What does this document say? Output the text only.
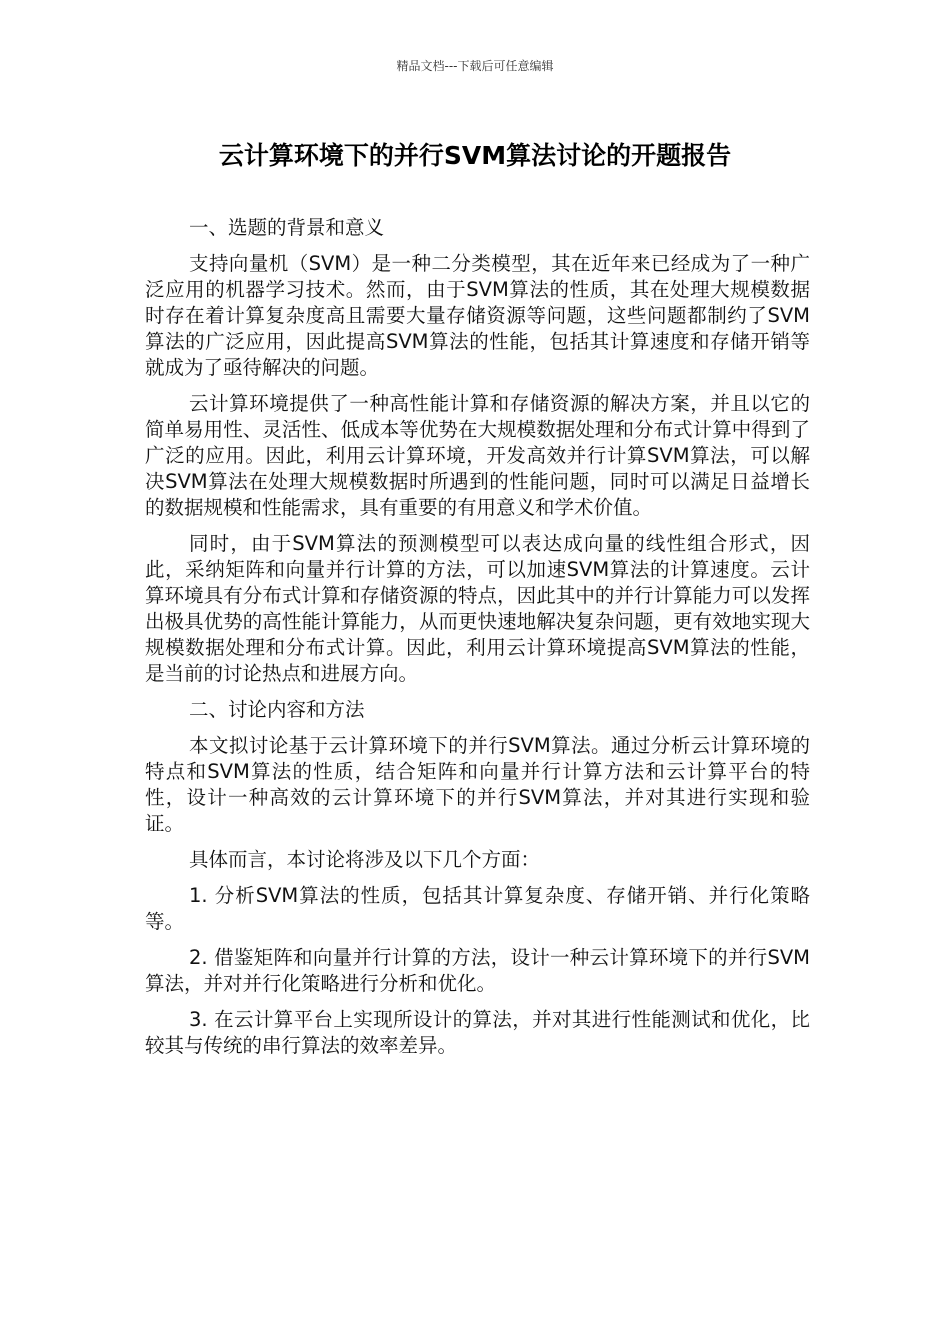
精品文档---下载后可任意编辑
云计算环境下的并行SVM算法讨论的开题报告

一、选题的背景和意义

支持向量机（SVM）是一种二分类模型，其在近年来已经成为了一种广泛应用的机器学习技术。然而，由于SVM算法的性质，其在处理大规模数据时存在着计算复杂度高且需要大量存储资源等问题，这些问题都制约了SVM算法的广泛应用，因此提高SVM算法的性能，包括其计算速度和存储开销等就成为了亟待解决的问题。

云计算环境提供了一种高性能计算和存储资源的解决方案，并且以它的简单易用性、灵活性、低成本等优势在大规模数据处理和分布式计算中得到了广泛的应用。因此，利用云计算环境，开发高效并行计算SVM算法，可以解决SVM算法在处理大规模数据时所遇到的性能问题，同时可以满足日益增长的数据规模和性能需求，具有重要的有用意义和学术价值。

同时，由于SVM算法的预测模型可以表达成向量的线性组合形式，因此，采纳矩阵和向量并行计算的方法，可以加速SVM算法的计算速度。云计算环境具有分布式计算和存储资源的特点，因此其中的并行计算能力可以发挥出极具优势的高性能计算能力，从而更快速地解决复杂问题，更有效地实现大规模数据处理和分布式计算。因此，利用云计算环境提高SVM算法的性能，是当前的讨论热点和进展方向。

二、讨论内容和方法

本文拟讨论基于云计算环境下的并行SVM算法。通过分析云计算环境的特点和SVM算法的性质，结合矩阵和向量并行计算方法和云计算平台的特性，设计一种高效的云计算环境下的并行SVM算法，并对其进行实现和验证。

具体而言，本讨论将涉及以下几个方面：

1. 分析SVM算法的性质，包括其计算复杂度、存储开销、并行化策略等。

2. 借鉴矩阵和向量并行计算的方法，设计一种云计算环境下的并行SVM算法，并对并行化策略进行分析和优化。

3. 在云计算平台上实现所设计的算法，并对其进行性能测试和优化，比较其与传统的串行算法的效率差异。
